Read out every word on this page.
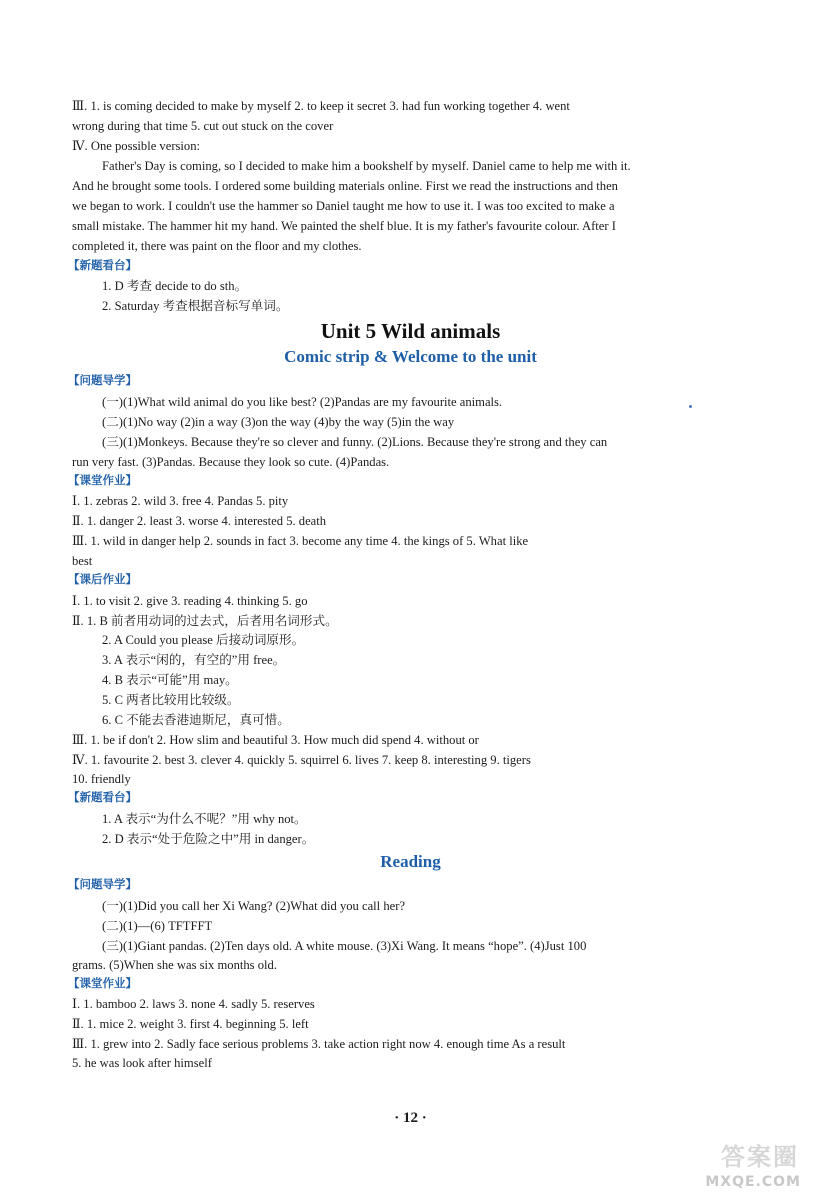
Ⅲ. 1. is coming decided to make by myself 2. to keep it secret 3. had fun working together 4. went
wrong during that time 5. cut out stuck on the cover
Ⅳ. One possible version:
Father's Day is coming, so I decided to make him a bookshelf by myself. Daniel came to help me with it.
And he brought some tools. I ordered some building materials online. First we read the instructions and then
we began to work. I couldn't use the hammer so Daniel taught me how to use it. I was too excited to make a
small mistake. The hammer hit my hand. We painted the shelf blue. It is my father's favourite colour. After I
completed it, there was paint on the floor and my clothes.
【新题看台】
1. D 考查 decide to do sth。
2. Saturday 考查根据音标写单词。
Unit 5 Wild animals
Comic strip & Welcome to the unit
【问题导学】
(一)(1)What wild animal do you like best? (2)Pandas are my favourite animals.
(二)(1)No way (2)in a way (3)on the way (4)by the way (5)in the way
(三)(1)Monkeys. Because they're so clever and funny. (2)Lions. Because they're strong and they can
run very fast. (3)Pandas. Because they look so cute. (4)Pandas.
【课堂作业】
Ⅰ. 1. zebras 2. wild 3. free 4. Pandas 5. pity
Ⅱ. 1. danger 2. least 3. worse 4. interested 5. death
Ⅲ. 1. wild in danger help 2. sounds in fact 3. become any time 4. the kings of 5. What like
best
【课后作业】
Ⅰ. 1. to visit 2. give 3. reading 4. thinking 5. go
Ⅱ. 1. B 前者用动词的过去式，后者用名词形式。
2. A Could you please 后接动词原形。
3. A 表示“闲的，有空的”用 free。
4. B 表示“可能”用 may。
5. C 两者比较用比较级。
6. C 不能去香港迪斯尼，真可惜。
Ⅲ. 1. be if don't 2. How slim and beautiful 3. How much did spend 4. without or
Ⅳ. 1. favourite 2. best 3. clever 4. quickly 5. squirrel 6. lives 7. keep 8. interesting 9. tigers
10. friendly
【新题看台】
1. A 表示“为什么不呢？”用 why not。
2. D 表示“处于危险之中”用 in danger。
Reading
【问题导学】
(一)(1)Did you call her Xi Wang? (2)What did you call her?
(二)(1)—(6) TFTFFT
(三)(1)Giant pandas. (2)Ten days old. A white mouse. (3)Xi Wang. It means “hope”. (4)Just 100
grams. (5)When she was six months old.
【课堂作业】
Ⅰ. 1. bamboo 2. laws 3. none 4. sadly 5. reserves
Ⅱ. 1. mice 2. weight 3. first 4. beginning 5. left
Ⅲ. 1. grew into 2. Sadly face serious problems 3. take action right now 4. enough time As a result
5. he was look after himself
· 12 ·
答案圈
MXQE.COM
